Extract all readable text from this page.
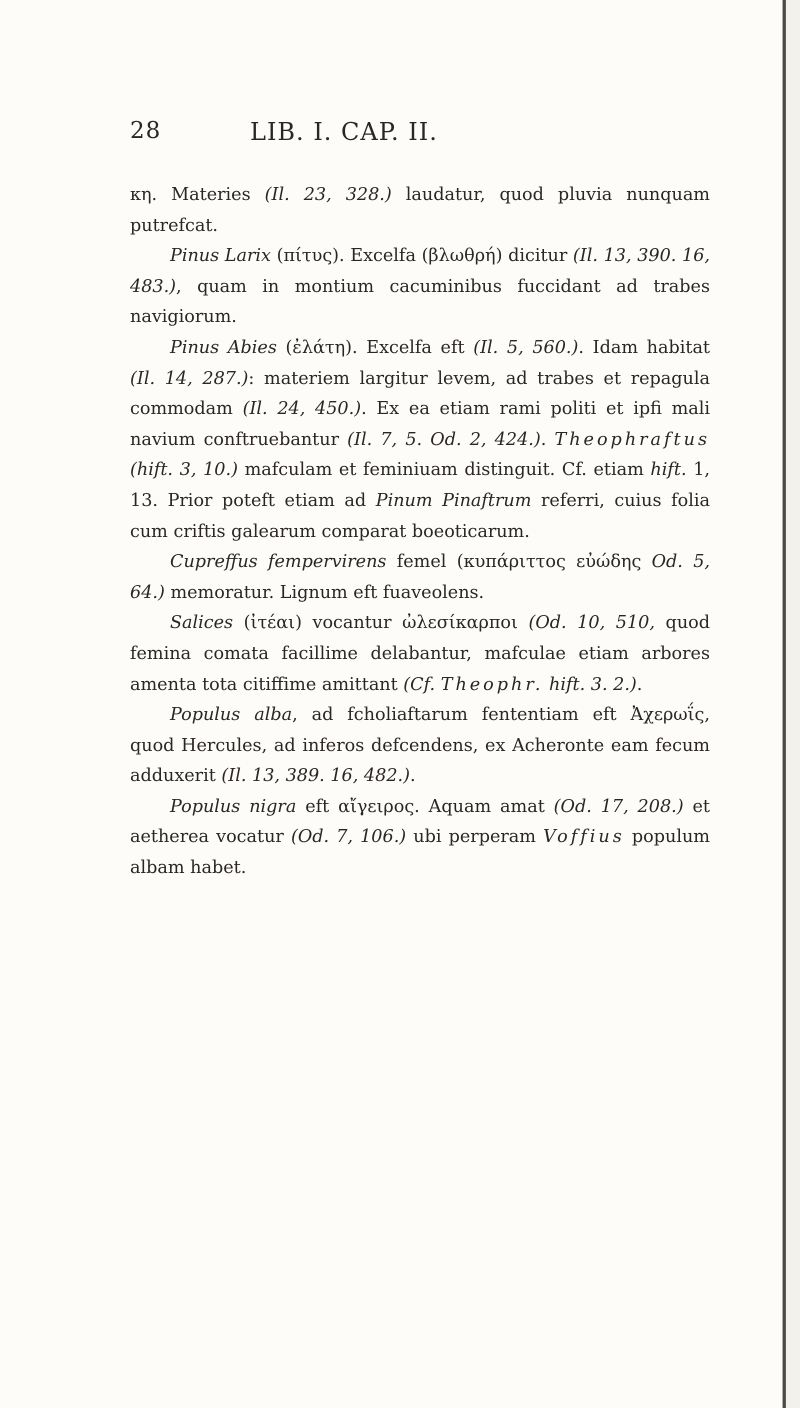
28	LIB. I. CAP. II.

κη. Materies (Il. 23, 328.) laudatur, quod pluvia nunquam putrefcat.

Pinus Larix (πίτυς). Excelfa (βλωθρή) dicitur (Il. 13, 390. 16, 483.), quam in montium cacuminibus fuccidant ad trabes navigiorum.

Pinus Abies (ἐλάτη). Excelfa eft (Il. 5, 560.). Idam habitat (Il. 14, 287.): materiem largitur levem, ad trabes et repagula commodam (Il. 24, 450.). Ex ea etiam rami politi et ipfi mali navium conftruebantur (Il. 7, 5. Od. 2, 424.). Theophraftus (hift. 3, 10.) mafculam et feminiuam distinguit. Cf. etiam hift. 1, 13. Prior poteft etiam ad Pinum Pinaftrum referri, cuius folia cum criftis galearum comparat boeoticarum.

Cupreffus fempervirens femel (κυπάριττος εὐώδης Od. 5, 64.) memoratur. Lignum eft fuaveolens.

Salices (ἰτέαι) vocantur ὠλεσίκαρποι (Od. 10, 510, quod femina comata facillime delabantur, mafculae etiam arbores amenta tota citiffime amittant (Cf. Theophr. hift. 3. 2.).

Populus alba, ad fcholiaftarum fententiam eft Ἀχερωΐς, quod Hercules, ad inferos defcendens, ex Acheronte eam fecum adduxerit (Il. 13, 389. 16, 482.).

Populus nigra eft αἴγειρος. Aquam amat (Od. 17, 208.) et aetherea vocatur (Od. 7, 106.) ubi perperam Voffius populum albam habet.
